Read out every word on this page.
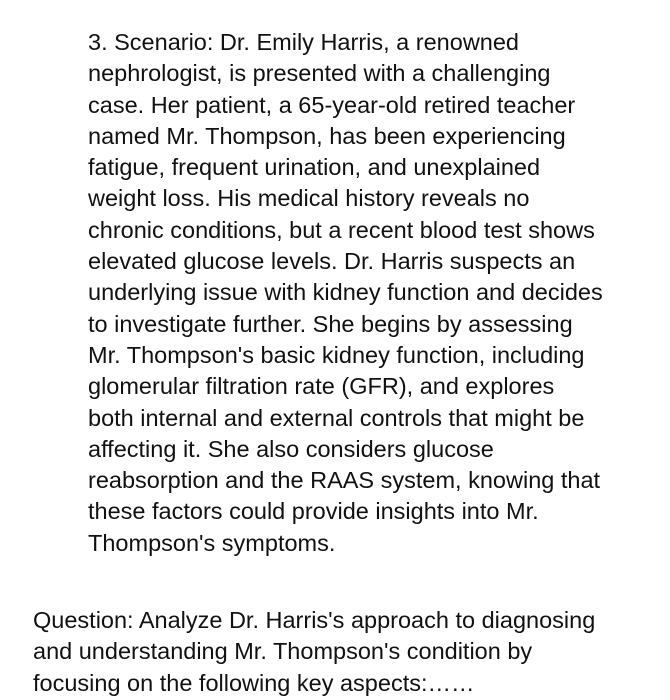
3. Scenario: Dr. Emily Harris, a renowned
nephrologist, is presented with a challenging
case. Her patient, a 65-year-old retired teacher
named Mr. Thompson, has been experiencing
fatigue, frequent urination, and unexplained
weight loss. His medical history reveals no
chronic conditions, but a recent blood test shows
elevated glucose levels. Dr. Harris suspects an
underlying issue with kidney function and decides
to investigate further. She begins by assessing
Mr. Thompson's basic kidney function, including
glomerular filtration rate (GFR), and explores
both internal and external controls that might be
affecting it. She also considers glucose
reabsorption and the RAAS system, knowing that
these factors could provide insights into Mr.
Thompson's symptoms.

Question: Analyze Dr. Harris's approach to diagnosing
and understanding Mr. Thompson's condition by
focusing on the following key aspects:……
